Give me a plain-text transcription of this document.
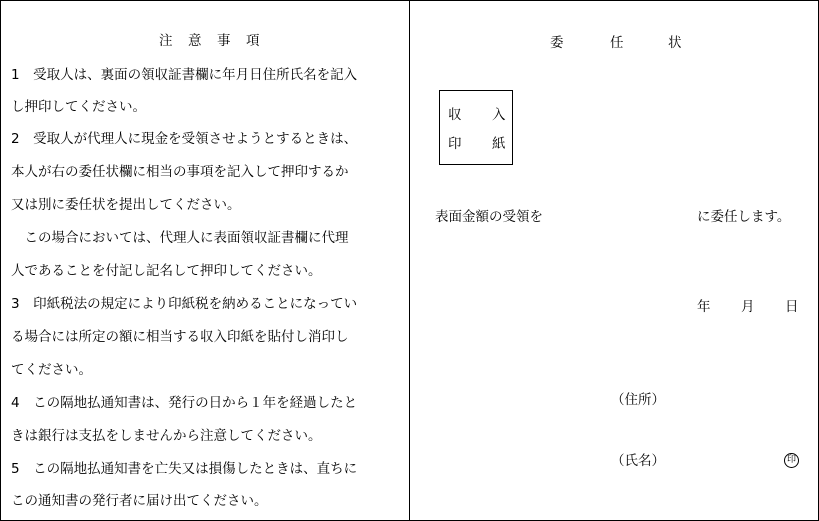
注 意 事 項
1　受取人は、裏面の領収証書欄に年月日住所氏名を記入
し押印してください。
2　受取人が代理人に現金を受領させようとするときは、
本人が右の委任状欄に相当の事項を記入して押印するか
又は別に委任状を提出してください。
　この場合においては、代理人に表面領収証書欄に代理
人であることを付記し記名して押印してください。
3　印紙税法の規定により印紙税を納めることになってい
る場合には所定の額に相当する収入印紙を貼付し消印し
てください。
4　この隔地払通知書は、発行の日から１年を経過したと
きは銀行は支払をしませんから注意してください。
5　この隔地払通知書を亡失又は損傷したときは、直ちに
この通知書の発行者に届け出てください。
委	任	状
収 入
印 紙
表面金額の受領を	に委任します。
年 月 日
（住所）
（氏名）	印
